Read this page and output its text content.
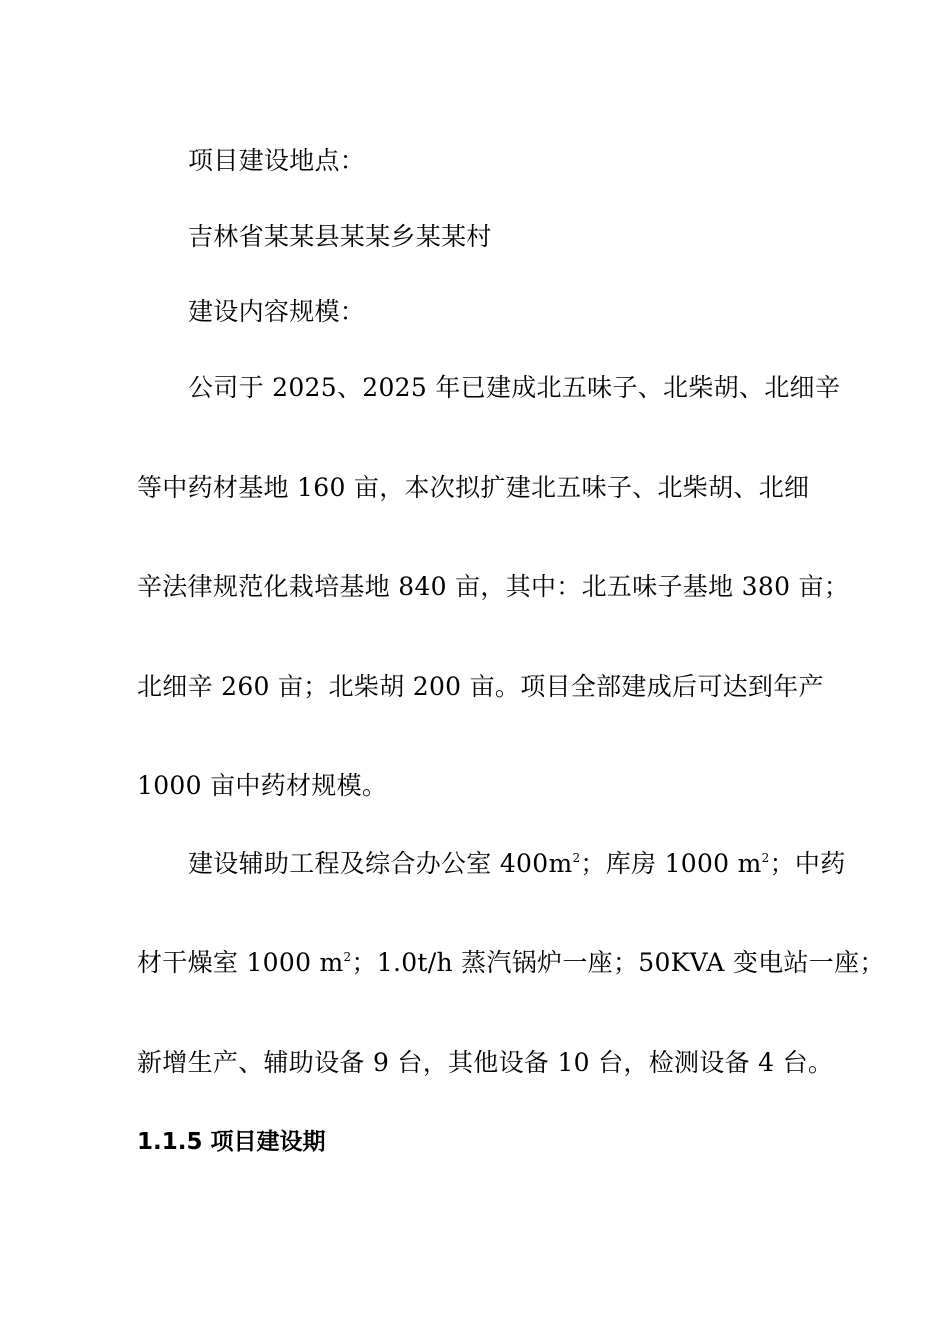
项目建设地点：
吉林省某某县某某乡某某村
建设内容规模：
公司于 2025、2025 年已建成北五味子、北柴胡、北细辛
等中药材基地 160 亩，本次拟扩建北五味子、北柴胡、北细
辛法律规范化栽培基地 840 亩，其中：北五味子基地 380 亩；
北细辛 260 亩；北柴胡 200 亩。项目全部建成后可达到年产
1000 亩中药材规模。
建设辅助工程及综合办公室 $400m^2$；库房 1000 $m^2$；中药
材干燥室 1000 $m^2$；1.0t/h 蒸汽锅炉一座；50KVA 变电站一座；
新增生产、辅助设备 9 台，其他设备 10 台，检测设备 4 台。
1.1.5 项目建设期
